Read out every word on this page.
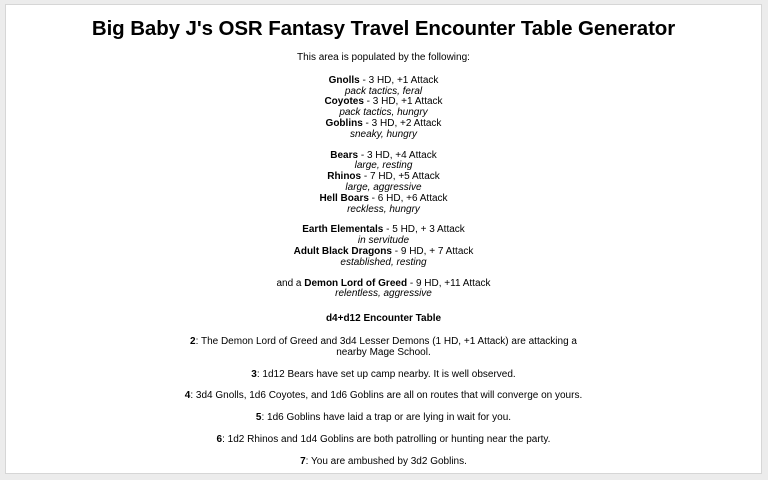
Big Baby J's OSR Fantasy Travel Encounter Table Generator
This area is populated by the following:
Gnolls - 3 HD, +1 Attack
pack tactics, feral
Coyotes - 3 HD, +1 Attack
pack tactics, hungry
Goblins - 3 HD, +2 Attack
sneaky, hungry
Bears - 3 HD, +4 Attack
large, resting
Rhinos - 7 HD, +5 Attack
large, aggressive
Hell Boars - 6 HD, +6 Attack
reckless, hungry
Earth Elementals - 5 HD, + 3 Attack
in servitude
Adult Black Dragons - 9 HD, + 7 Attack
established, resting
and a Demon Lord of Greed - 9 HD, +11 Attack
relentless, aggressive
d4+d12 Encounter Table
2: The Demon Lord of Greed and 3d4 Lesser Demons (1 HD, +1 Attack) are attacking a nearby Mage School.
3: 1d12 Bears have set up camp nearby. It is well observed.
4: 3d4 Gnolls, 1d6 Coyotes, and 1d6 Goblins are all on routes that will converge on yours.
5: 1d6 Goblins have laid a trap or are lying in wait for you.
6: 1d2 Rhinos and 1d4 Goblins are both patrolling or hunting near the party.
7: You are ambushed by 3d2 Goblins.
